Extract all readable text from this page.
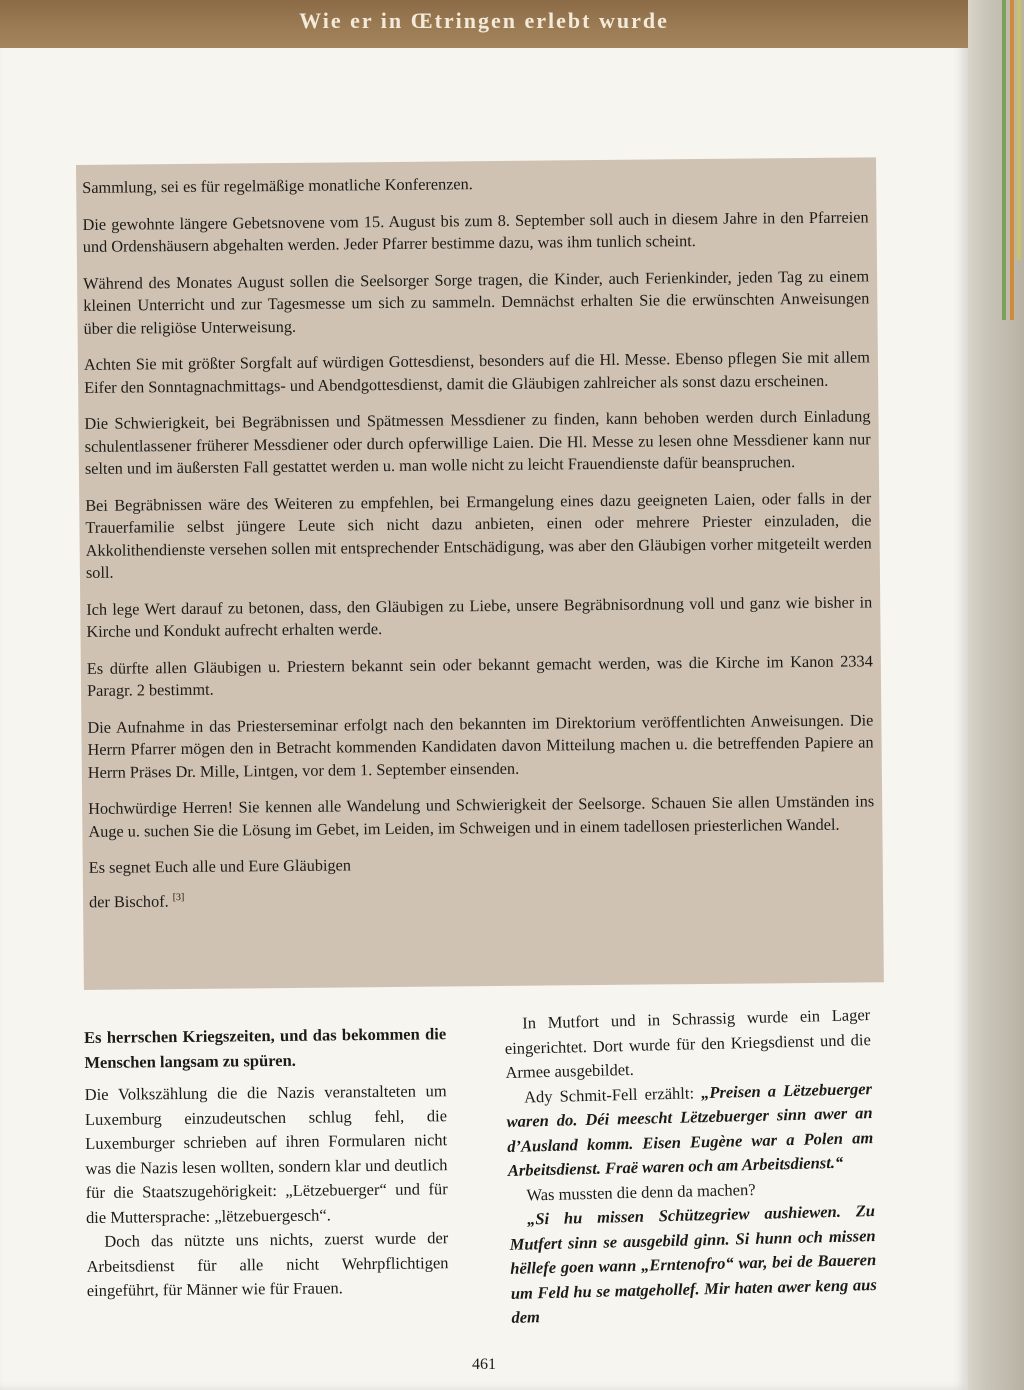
Wie er in Œtringen erlebt wurde

Sammlung, sei es für regelmäßige monatliche Konferenzen.

Die gewohnte längere Gebetsnovene vom 15. August bis zum 8. September soll auch in diesem Jahre in den Pfarreien und Ordenshäusern abgehalten werden. Jeder Pfarrer bestimme dazu, was ihm tunlich scheint.

Während des Monates August sollen die Seelsorger Sorge tragen, die Kinder, auch Ferienkinder, jeden Tag zu einem kleinen Unterricht und zur Tagesmesse um sich zu sammeln. Demnächst erhalten Sie die erwünschten Anweisungen über die religiöse Unterweisung.

Achten Sie mit größter Sorgfalt auf würdigen Gottesdienst, besonders auf die Hl. Messe. Ebenso pflegen Sie mit allem Eifer den Sonntagnachmittags- und Abendgottesdienst, damit die Gläubigen zahlreicher als sonst dazu erscheinen.

Die Schwierigkeit, bei Begräbnissen und Spätmessen Messdiener zu finden, kann behoben werden durch Einladung schulentlassener früherer Messdiener oder durch opferwillige Laien. Die Hl. Messe zu lesen ohne Messdiener kann nur selten und im äußersten Fall gestattet werden u. man wolle nicht zu leicht Frauendienste dafür beanspruchen.

Bei Begräbnissen wäre des Weiteren zu empfehlen, bei Ermangelung eines dazu geeigneten Laien, oder falls in der Trauerfamilie selbst jüngere Leute sich nicht dazu anbieten, einen oder mehrere Priester einzuladen, die Akkolithendienste versehen sollen mit entsprechender Entschädigung, was aber den Gläubigen vorher mitgeteilt werden soll.

Ich lege Wert darauf zu betonen, dass, den Gläubigen zu Liebe, unsere Begräbnisordnung voll und ganz wie bisher in Kirche und Kondukt aufrecht erhalten werde.

Es dürfte allen Gläubigen u. Priestern bekannt sein oder bekannt gemacht werden, was die Kirche im Kanon 2334 Paragr. 2 bestimmt.

Die Aufnahme in das Priesterseminar erfolgt nach den bekannten im Direktorium veröffentlichten Anweisungen. Die Herrn Pfarrer mögen den in Betracht kommenden Kandidaten davon Mitteilung machen u. die betreffenden Papiere an Herrn Präses Dr. Mille, Lintgen, vor dem 1. September einsenden.

Hochwürdige Herren! Sie kennen alle Wandelung und Schwierigkeit der Seelsorge. Schauen Sie allen Umständen ins Auge u. suchen Sie die Lösung im Gebet, im Leiden, im Schweigen und in einem tadellosen priesterlichen Wandel.

Es segnet Euch alle und Eure Gläubigen

der Bischof. [3]

Es herrschen Kriegszeiten, und das bekommen die Menschen langsam zu spüren.

Die Volkszählung die die Nazis veranstalteten um Luxemburg einzudeutschen schlug fehl, die Luxemburger schrieben auf ihren Formularen nicht was die Nazis lesen wollten, sondern klar und deutlich für die Staatszugehörigkeit: „Lëtzebuerger“ und für die Muttersprache: „lëtzebuergesch“.

Doch das nützte uns nichts, zuerst wurde der Arbeitsdienst für alle nicht Wehrpflichtigen eingeführt, für Männer wie für Frauen.

In Mutfort und in Schrassig wurde ein Lager eingerichtet. Dort wurde für den Kriegsdienst und die Armee ausgebildet.

Ady Schmit-Fell erzählt: „Preisen a Lëtzebuerger waren do. Déi meescht Lëtzebuerger sinn awer an d’Ausland komm. Eisen Eugène war a Polen am Arbeitsdienst. Fraë waren och am Arbeitsdienst.“

Was mussten die denn da machen?

„Si hu missen Schützegriew aushiewen. Zu Mutfert sinn se ausgebild ginn. Si hunn och missen hëllefe goen wann „Erntenofro“ war, bei de Baueren um Feld hu se matgehollef. Mir haten awer keng aus dem

461
